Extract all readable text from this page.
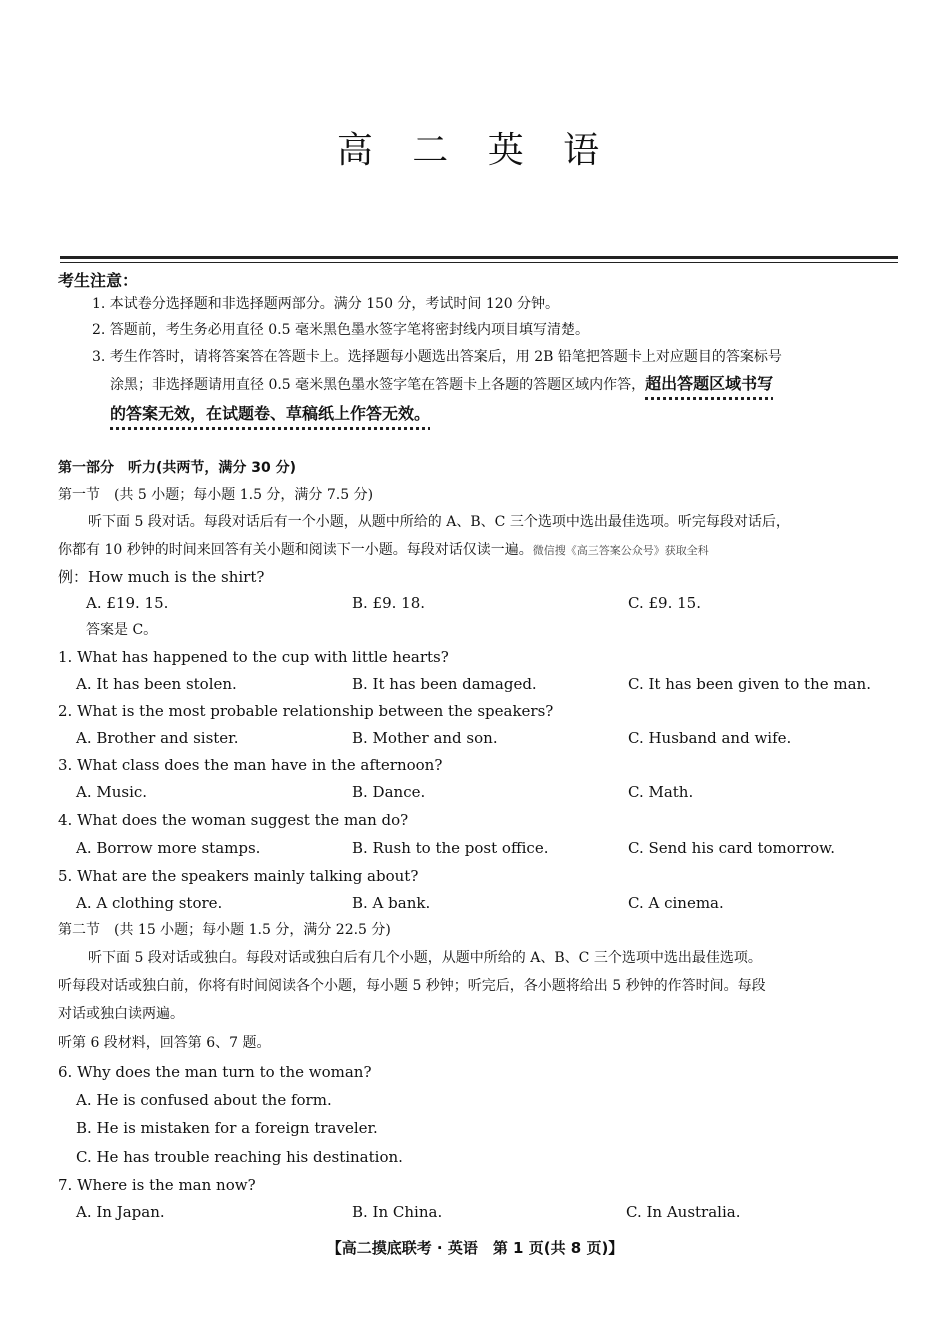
高 二 英 语
考生注意：
1. 本试卷分选择题和非选择题两部分。满分 150 分，考试时间 120 分钟。
2. 答题前，考生务必用直径 0.5 毫米黑色墨水签字笔将密封线内项目填写清楚。
3. 考生作答时，请将答案答在答题卡上。选择题每小题选出答案后，用 2B 铅笔把答题卡上对应题目的答案标号
涂黑；非选择题请用直径 0.5 毫米黑色墨水签字笔在答题卡上各题的答题区域内作答，超出答题区域书写
的答案无效，在试题卷、草稿纸上作答无效。
第一部分　听力(共两节，满分 30 分)
第一节　(共 5 小题；每小题 1.5 分，满分 7.5 分)
听下面 5 段对话。每段对话后有一个小题，从题中所给的 A、B、C 三个选项中选出最佳选项。听完每段对话后，
你都有 10 秒钟的时间来回答有关小题和阅读下一小题。每段对话仅读一遍。微信搜《高三答案公众号》获取全科
例：How much is the shirt?
A. £19. 15.	B. £9. 18.	C. £9. 15.
答案是 C。
1. What has happened to the cup with little hearts?
A. It has been stolen.	B. It has been damaged.	C. It has been given to the man.
2. What is the most probable relationship between the speakers?
A. Brother and sister.	B. Mother and son.	C. Husband and wife.
3. What class does the man have in the afternoon?
A. Music.	B. Dance.	C. Math.
4. What does the woman suggest the man do?
A. Borrow more stamps.	B. Rush to the post office.	C. Send his card tomorrow.
5. What are the speakers mainly talking about?
A. A clothing store.	B. A bank.	C. A cinema.
第二节　(共 15 小题；每小题 1.5 分，满分 22.5 分)
听下面 5 段对话或独白。每段对话或独白后有几个小题，从题中所给的 A、B、C 三个选项中选出最佳选项。
听每段对话或独白前，你将有时间阅读各个小题，每小题 5 秒钟；听完后，各小题将给出 5 秒钟的作答时间。每段
对话或独白读两遍。
听第 6 段材料，回答第 6、7 题。
6. Why does the man turn to the woman?
A. He is confused about the form.
B. He is mistaken for a foreign traveler.
C. He has trouble reaching his destination.
7. Where is the man now?
A. In Japan.	B. In China.	C. In Australia.
【高二摸底联考 · 英语　第 1 页(共 8 页)】
